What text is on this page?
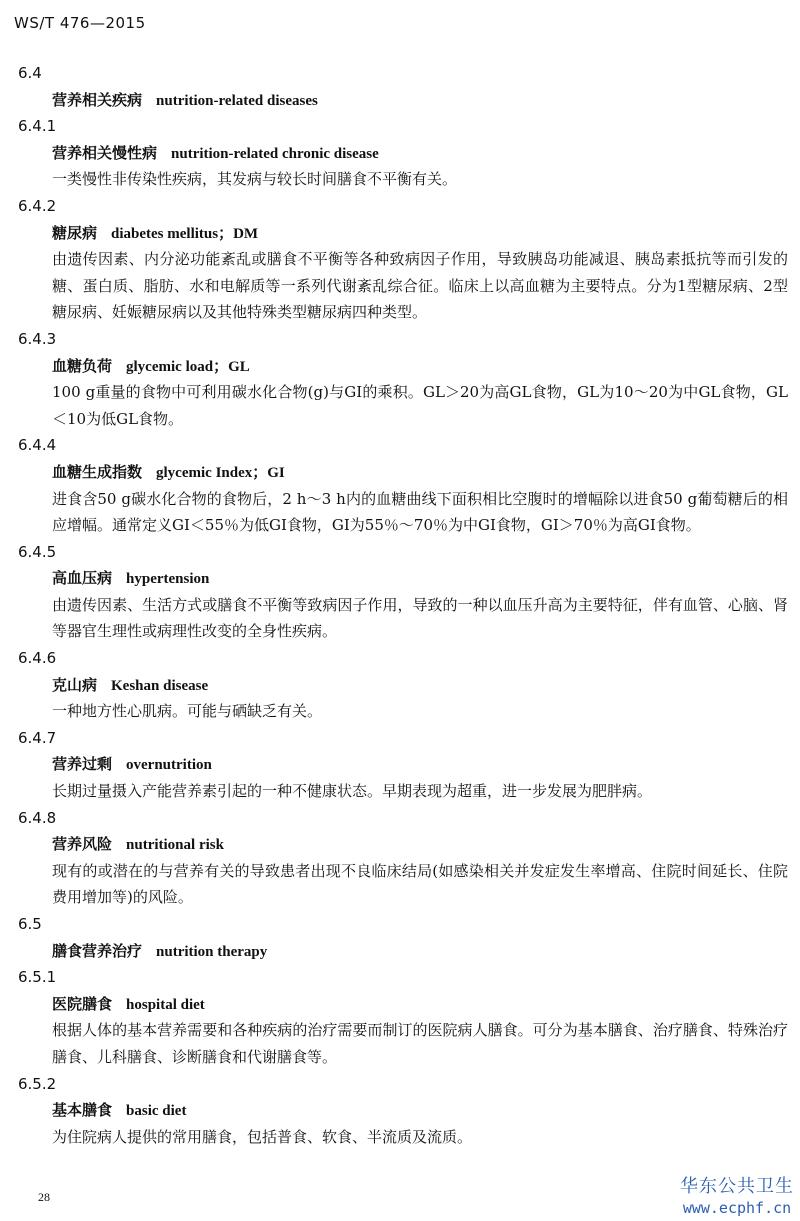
WS/T 476—2015
6.4
营养相关疾病 nutrition-related diseases
6.4.1
营养相关慢性病 nutrition-related chronic disease

一类慢性非传染性疾病，其发病与较长时间膳食不平衡有关。

6.4.2
糖尿病 diabetes mellitus；DM

由遗传因素、内分泌功能紊乱或膳食不平衡等各种致病因子作用，导致胰岛功能减退、胰岛素抵抗等而引发的糖、蛋白质、脂肪、水和电解质等一系列代谢紊乱综合征。临床上以高血糖为主要特点。分为1型糖尿病、2型糖尿病、妊娠糖尿病以及其他特殊类型糖尿病四种类型。

6.4.3
血糖负荷 glycemic load；GL

100 g重量的食物中可利用碳水化合物(g)与GI的乘积。GL＞20为高GL食物，GL为10～20为中GL食物，GL＜10为低GL食物。

6.4.4
血糖生成指数 glycemic Index；GI

进食含50 g碳水化合物的食物后，2 h～3 h内的血糖曲线下面积相比空腹时的增幅除以进食50 g葡萄糖后的相应增幅。通常定义GI＜55％为低GI食物，GI为55％～70％为中GI食物，GI＞70％为高GI食物。

6.4.5
高血压病 hypertension

由遗传因素、生活方式或膳食不平衡等致病因子作用，导致的一种以血压升高为主要特征，伴有血管、心脑、肾等器官生理性或病理性改变的全身性疾病。

6.4.6
克山病 Keshan disease

一种地方性心肌病。可能与硒缺乏有关。

6.4.7
营养过剩 overnutrition

长期过量摄入产能营养素引起的一种不健康状态。早期表现为超重，进一步发展为肥胖病。

6.4.8
营养风险 nutritional risk

现有的或潜在的与营养有关的导致患者出现不良临床结局(如感染相关并发症发生率增高、住院时间延长、住院费用增加等)的风险。

6.5
膳食营养治疗 nutrition therapy
6.5.1
医院膳食 hospital diet

根据人体的基本营养需要和各种疾病的治疗需要而制订的医院病人膳食。可分为基本膳食、治疗膳食、特殊治疗膳食、儿科膳食、诊断膳食和代谢膳食等。

6.5.2
基本膳食 basic diet

为住院病人提供的常用膳食，包括普食、软食、半流质及流质。

28	华东公共卫生
www.ecphf.cn
